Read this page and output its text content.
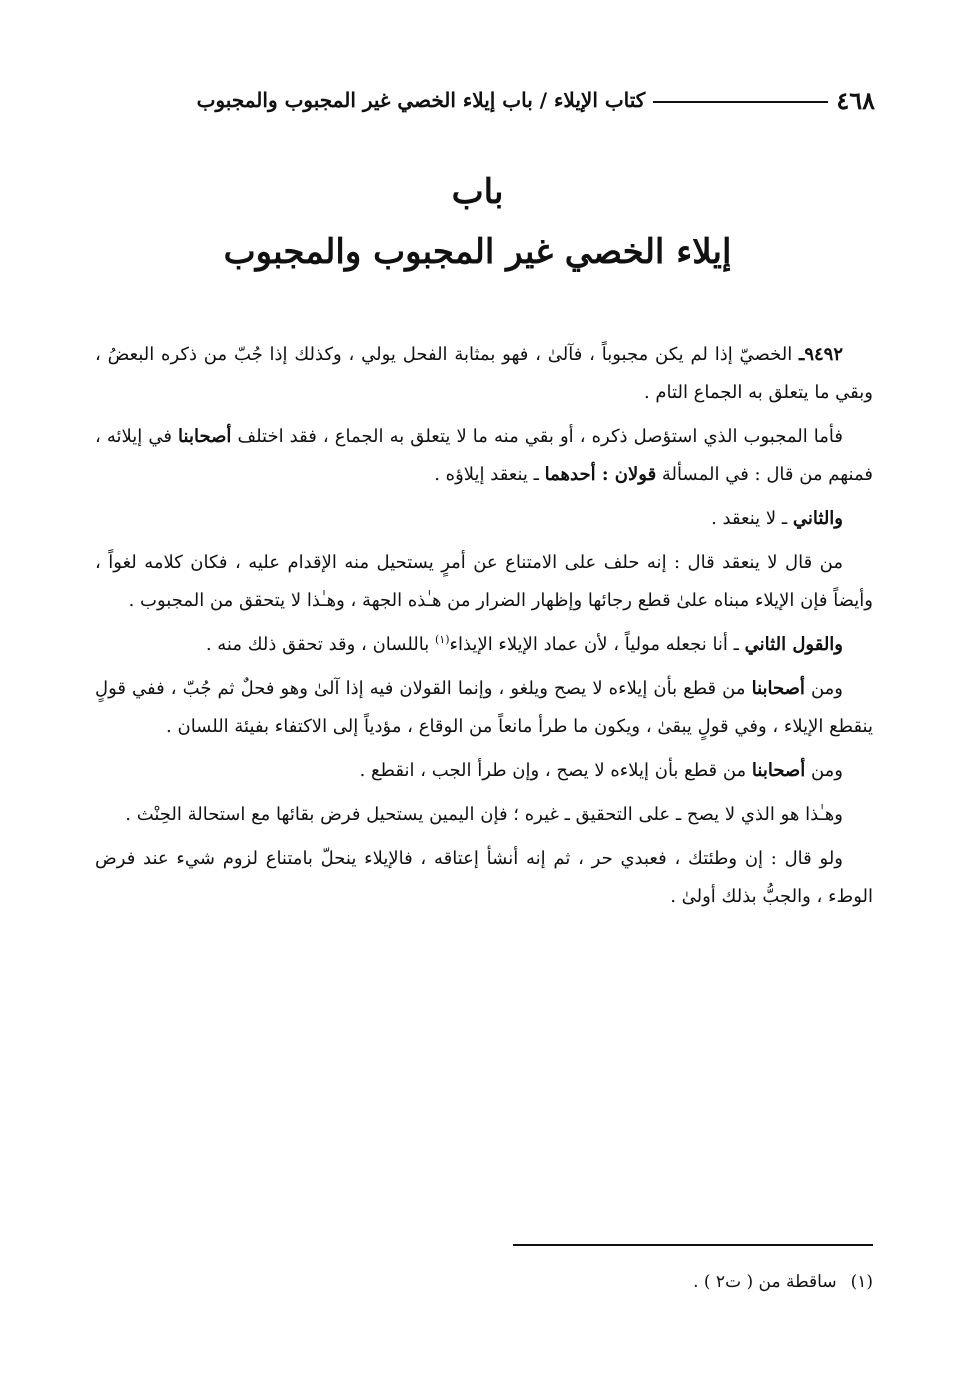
٤٦٨
كتاب الإيلاء / باب إيلاء الخصي غير المجبوب والمجبوب
باب
إيلاء الخصي غير المجبوب والمجبوب

٩٤٩٢ـ الخصيّ إذا لم يكن مجبوباً ، فآلىٰ ، فهو بمثابة الفحل يولي ، وكذلك إذا جُبّ من ذكره البعضُ ، وبقي ما يتعلق به الجماع التام .

فأما المجبوب الذي استؤصل ذكره ، أو بقي منه ما لا يتعلق به الجماع ، فقد اختلف أصحابنا في إيلائه ، فمنهم من قال : في المسألة قولان : أحدهما ـ ينعقد إيلاؤه .

والثاني ـ لا ينعقد .

من قال لا ينعقد قال : إنه حلف على الامتناع عن أمرٍ يستحيل منه الإقدام عليه ، فكان كلامه لغواً ، وأيضاً فإن الإيلاء مبناه علىٰ قطع رجائها وإظهار الضرار من هـٰذه الجهة ، وهـٰذا لا يتحقق من المجبوب .

والقول الثاني ـ أنا نجعله مولياً ، لأن عماد الإيلاء الإيذاء$^{(١)}$ باللسان ، وقد تحقق ذلك منه .

ومن أصحابنا من قطع بأن إيلاءه لا يصح ويلغو ، وإنما القولان فيه إذا آلىٰ وهو فحلٌ ثم جُبّ ، ففي قولٍ ينقطع الإيلاء ، وفي قولٍ يبقىٰ ، ويكون ما طرأ مانعاً من الوقاع ، مؤدياً إلى الاكتفاء بفيئة اللسان .

ومن أصحابنا من قطع بأن إيلاءه لا يصح ، وإن طرأ الجب ، انقطع .

وهـٰذا هو الذي لا يصح ـ على التحقيق ـ غيره ؛ فإن اليمين يستحيل فرض بقائها مع استحالة الحِنْث .

ولو قال : إن وطئتك ، فعبدي حر ، ثم إنه أنشأ إعتاقه ، فالإيلاء ينحلّ بامتناع لزوم شيء عند فرض الوطء ، والجبُّ بذلك أولىٰ .

(١)ساقطة من ( ت٢ ) .
